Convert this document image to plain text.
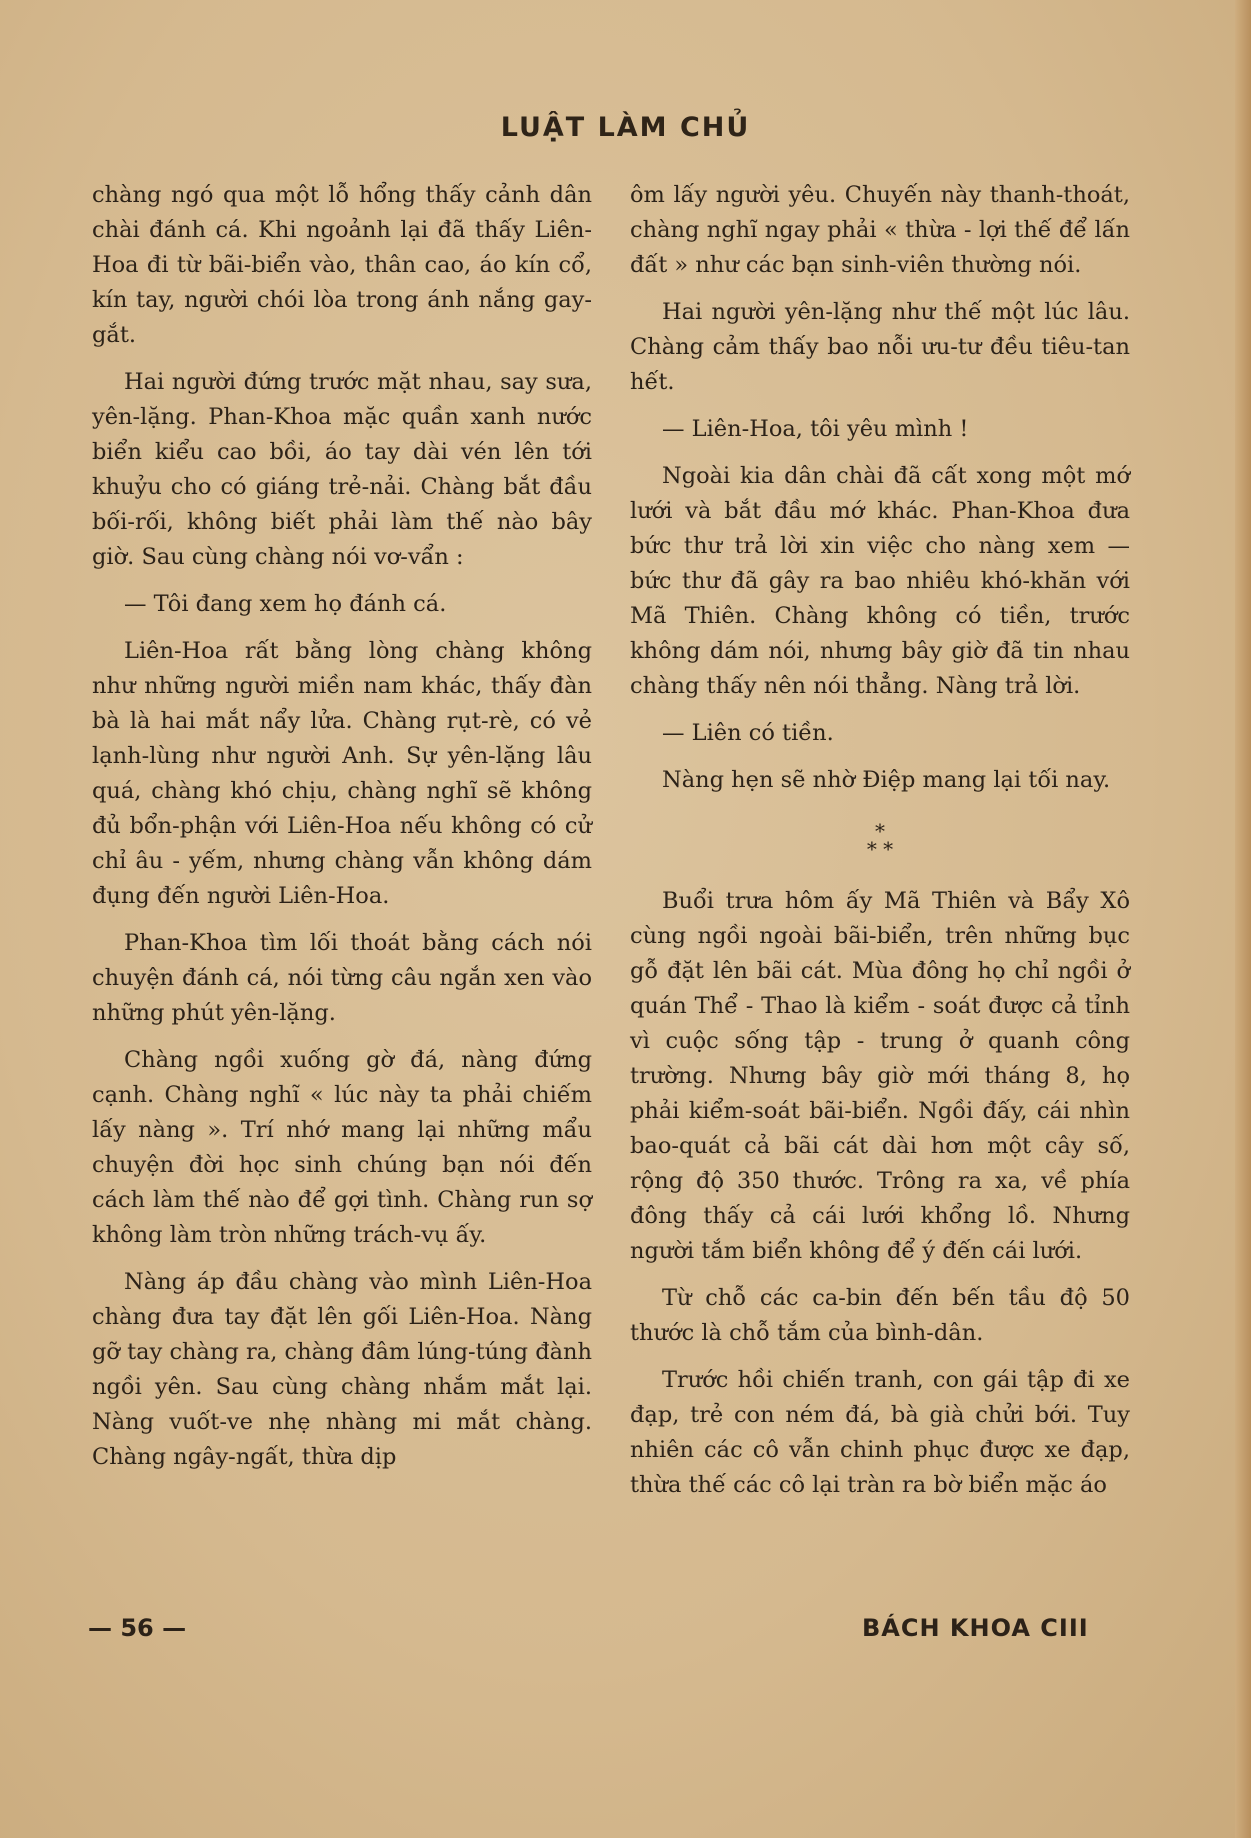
LUẬT LÀM CHỦ

chàng ngó qua một lỗ hổng thấy cảnh dân chài đánh cá. Khi ngoảnh lại đã thấy Liên-Hoa đi từ bãi-biển vào, thân cao, áo kín cổ, kín tay, người chói lòa trong ánh nắng gay-gắt.

Hai người đứng trước mặt nhau, say sưa, yên-lặng. Phan-Khoa mặc quần xanh nước biển kiểu cao bồi, áo tay dài vén lên tới khuỷu cho có giáng trẻ-nải. Chàng bắt đầu bối-rối, không biết phải làm thế nào bây giờ. Sau cùng chàng nói vơ-vẩn :

— Tôi đang xem họ đánh cá.

Liên-Hoa rất bằng lòng chàng không như những người miền nam khác, thấy đàn bà là hai mắt nẩy lửa. Chàng rụt-rè, có vẻ lạnh-lùng như người Anh. Sự yên-lặng lâu quá, chàng khó chịu, chàng nghĩ sẽ không đủ bổn-phận với Liên-Hoa nếu không có cử chỉ âu - yếm, nhưng chàng vẫn không dám đụng đến người Liên-Hoa.

Phan-Khoa tìm lối thoát bằng cách nói chuyện đánh cá, nói từng câu ngắn xen vào những phút yên-lặng.

Chàng ngồi xuống gờ đá, nàng đứng cạnh. Chàng nghĩ « lúc này ta phải chiếm lấy nàng ». Trí nhớ mang lại những mẩu chuyện đời học sinh chúng bạn nói đến cách làm thế nào để gợi tình. Chàng run sợ không làm tròn những trách-vụ ấy.

Nàng áp đầu chàng vào mình Liên-Hoa chàng đưa tay đặt lên gối Liên-Hoa. Nàng gỡ tay chàng ra, chàng đâm lúng-túng đành ngồi yên. Sau cùng chàng nhắm mắt lại. Nàng vuốt-ve nhẹ nhàng mi mắt chàng. Chàng ngây-ngất, thừa dịp

ôm lấy người yêu. Chuyến này thanh-thoát, chàng nghĩ ngay phải « thừa - lợi thế để lấn đất » như các bạn sinh-viên thường nói.

Hai người yên-lặng như thế một lúc lâu. Chàng cảm thấy bao nỗi ưu-tư đều tiêu-tan hết.

— Liên-Hoa, tôi yêu mình !

Ngoài kia dân chài đã cất xong một mớ lưới và bắt đầu mớ khác. Phan-Khoa đưa bức thư trả lời xin việc cho nàng xem — bức thư đã gây ra bao nhiêu khó-khăn với Mã Thiên. Chàng không có tiền, trước không dám nói, nhưng bây giờ đã tin nhau chàng thấy nên nói thẳng. Nàng trả lời.

— Liên có tiền.

Nàng hẹn sẽ nhờ Điệp mang lại tối nay.

*
* *

Buổi trưa hôm ấy Mã Thiên và Bẩy Xô cùng ngồi ngoài bãi-biển, trên những bục gỗ đặt lên bãi cát. Mùa đông họ chỉ ngồi ở quán Thể - Thao là kiểm - soát được cả tỉnh vì cuộc sống tập - trung ở quanh công trường. Nhưng bây giờ mới tháng 8, họ phải kiểm-soát bãi-biển. Ngồi đấy, cái nhìn bao-quát cả bãi cát dài hơn một cây số, rộng độ 350 thước. Trông ra xa, về phía đông thấy cả cái lưới khổng lồ. Nhưng người tắm biển không để ý đến cái lưới.

Từ chỗ các ca-bin đến bến tầu độ 50 thước là chỗ tắm của bình-dân.

Trước hồi chiến tranh, con gái tập đi xe đạp, trẻ con ném đá, bà già chửi bới. Tuy nhiên các cô vẫn chinh phục được xe đạp, thừa thế các cô lại tràn ra bờ biển mặc áo

— 56 —	BÁCH KHOA CIII
